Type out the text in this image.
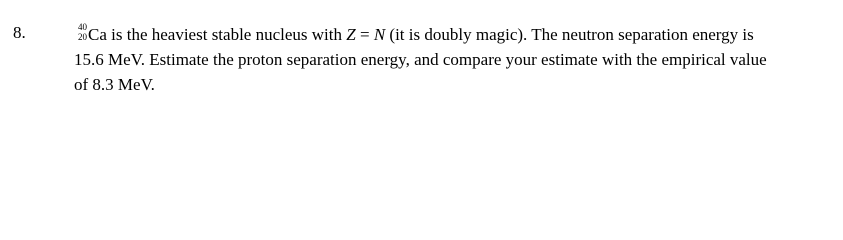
8.	40
20 Ca is the heaviest stable nucleus with Z = N (it is doubly magic). The neutron separation energy is
15.6 MeV. Estimate the proton separation energy, and compare your estimate with the empirical value
of 8.3 MeV.
